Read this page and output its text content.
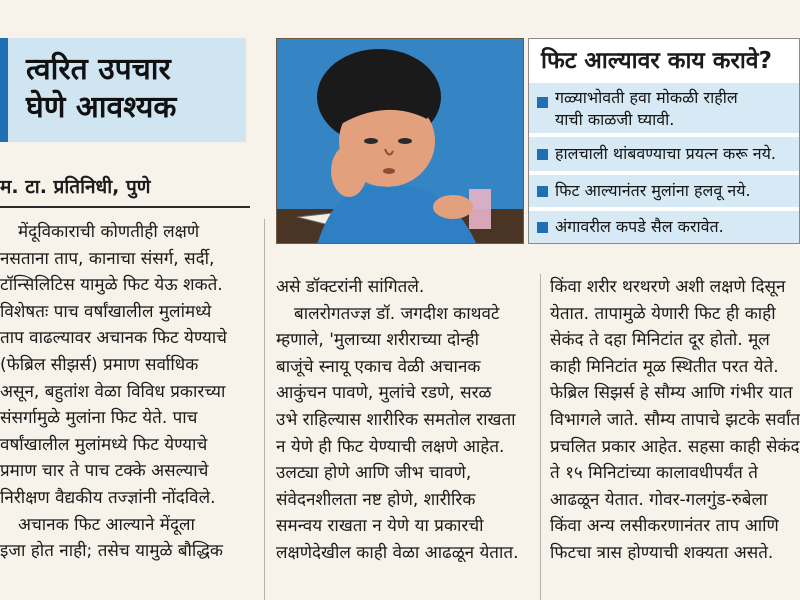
त्वरित उपचार
घेणे आवश्यक
म. टा. प्रतिनिधी, पुणे
मेंदूविकाराची कोणतीही लक्षणे
नसताना ताप, कानाचा संसर्ग, सर्दी,
टॉन्सिलिटिस यामुळे फिट येऊ शकते.
विशेषतः पाच वर्षांखालील मुलांमध्ये
ताप वाढल्यावर अचानक फिट येण्याचे
(फेब्रिल सीझर्स) प्रमाण सर्वाधिक
असून, बहुतांश वेळा विविध प्रकारच्या
संसर्गामुळे मुलांना फिट येते. पाच
वर्षांखालील मुलांमध्ये फिट येण्याचे
प्रमाण चार ते पाच टक्के असल्याचे
निरीक्षण वैद्यकीय तज्ज्ञांनी नोंदविले.
अचानक फिट आल्याने मेंदूला
इजा होत नाही; तसेच यामुळे बौद्धिक
फिट आल्यावर काय करावे?
गळ्याभोवती हवा मोकळी राहील
याची काळजी घ्यावी.
हालचाली थांबवण्याचा प्रयत्न करू नये.
फिट आल्यानंतर मुलांना हलवू नये.
अंगावरील कपडे सैल करावेत.
असे डॉक्टरांनी सांगितले.
बालरोगतज्ज्ञ डॉ. जगदीश काथवटे
म्हणाले, 'मुलाच्या शरीराच्या दोन्ही
बाजूंचे स्नायू एकाच वेळी अचानक
आकुंचन पावणे, मुलांचे रडणे, सरळ
उभे राहिल्यास शारीरिक समतोल राखता
न येणे ही फिट येण्याची लक्षणे आहेत.
उलट्या होणे आणि जीभ चावणे,
संवेदनशीलता नष्ट होणे, शारीरिक
समन्वय राखता न येणे या प्रकारची
लक्षणेदेखील काही वेळा आढळून येतात.
किंवा शरीर थरथरणे अशी लक्षणे दिसून
येतात. तापामुळे येणारी फिट ही काही
सेकंद ते दहा मिनिटांत दूर होतो. मूल
काही मिनिटांत मूळ स्थितीत परत येते.
फेब्रिल सिझर्स हे सौम्य आणि गंभीर यात
विभागले जाते. सौम्य तापाचे झटके सर्वांत
प्रचलित प्रकार आहेत. सहसा काही सेकंद
ते १५ मिनिटांच्या कालावधीपर्यंत ते
आढळून येतात. गोवर-गलगुंड-रुबेला
किंवा अन्य लसीकरणानंतर ताप आणि
फिटचा त्रास होण्याची शक्यता असते.
